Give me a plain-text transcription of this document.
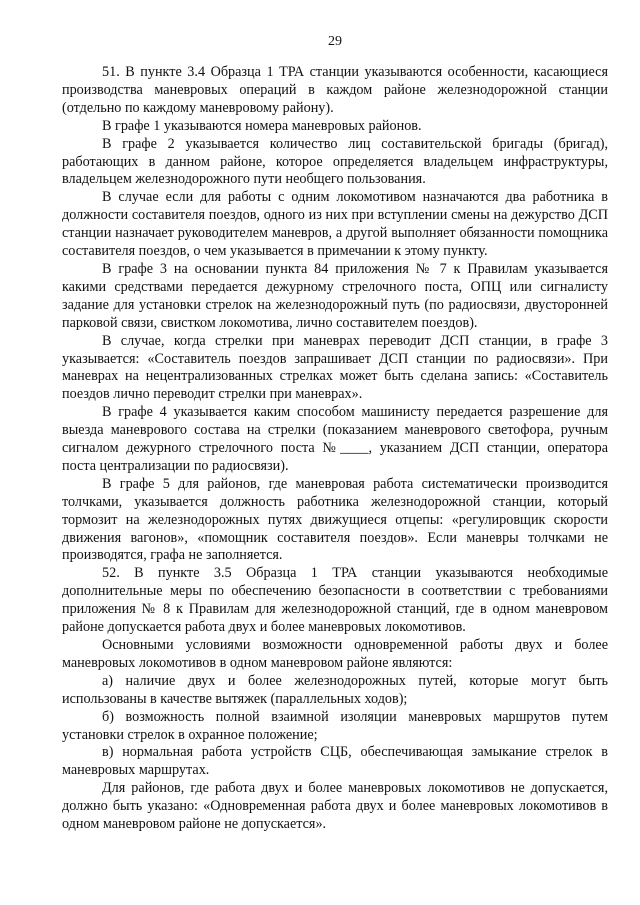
29

51. В пункте 3.4 Образца 1 ТРА станции указываются особенности, касающиеся производства маневровых операций в каждом районе железнодорожной станции (отдельно по каждому маневровому району).

В графе 1 указываются номера маневровых районов.

В графе 2 указывается количество лиц составительской бригады (бригад), работающих в данном районе, которое определяется владельцем инфраструктуры, владельцем железнодорожного пути необщего пользования.

В случае если для работы с одним локомотивом назначаются два работника в должности составителя поездов, одного из них при вступлении смены на дежурство ДСП станции назначает руководителем маневров, а другой выполняет обязанности помощника составителя поездов, о чем указывается в примечании к этому пункту.

В графе 3 на основании пункта 84 приложения № 7 к Правилам указывается какими средствами передается дежурному стрелочного поста, ОПЦ или сигналисту задание для установки стрелок на железнодорожный путь (по радиосвязи, двусторонней парковой связи, свистком локомотива, лично составителем поездов).

В случае, когда стрелки при маневрах переводит ДСП станции, в графе 3 указывается: «Составитель поездов запрашивает ДСП станции по радиосвязи». При маневрах на нецентрализованных стрелках может быть сделана запись: «Составитель поездов лично переводит стрелки при маневрах».

В графе 4 указывается каким способом машинисту передается разрешение для выезда маневрового состава на стрелки (показанием маневрового светофора, ручным сигналом дежурного стрелочного поста №____, указанием ДСП станции, оператора поста централизации по радиосвязи).

В графе 5 для районов, где маневровая работа систематически производится толчками, указывается должность работника железнодорожной станции, который тормозит на железнодорожных путях движущиеся отцепы: «регулировщик скорости движения вагонов», «помощник составителя поездов». Если маневры толчками не производятся, графа не заполняется.

52. В пункте 3.5 Образца 1 ТРА станции указываются необходимые дополнительные меры по обеспечению безопасности в соответствии с требованиями приложения № 8 к Правилам для железнодорожной станций, где в одном маневровом районе допускается работа двух и более маневровых локомотивов.

Основными условиями возможности одновременной работы двух и более маневровых локомотивов в одном маневровом районе являются:

а) наличие двух и более железнодорожных путей, которые могут быть использованы в качестве вытяжек (параллельных ходов);

б) возможность полной взаимной изоляции маневровых маршрутов путем установки стрелок в охранное положение;

в) нормальная работа устройств СЦБ, обеспечивающая замыкание стрелок в маневровых маршрутах.

Для районов, где работа двух и более маневровых локомотивов не допускается, должно быть указано: «Одновременная работа двух и более маневровых локомотивов в одном маневровом районе не допускается».
